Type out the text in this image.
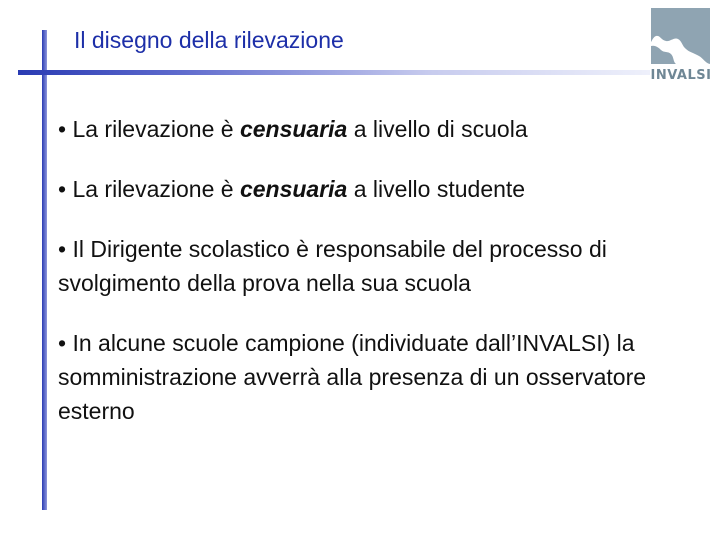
Il disegno della rilevazione
INVALSI
• La rilevazione è censuaria a livello di scuola
• La rilevazione è censuaria a livello studente
• Il Dirigente scolastico è responsabile del processo di svolgimento della prova nella sua scuola
• In alcune scuole campione (individuate dall’INVALSI) la somministrazione avverrà alla presenza di un osservatore esterno
